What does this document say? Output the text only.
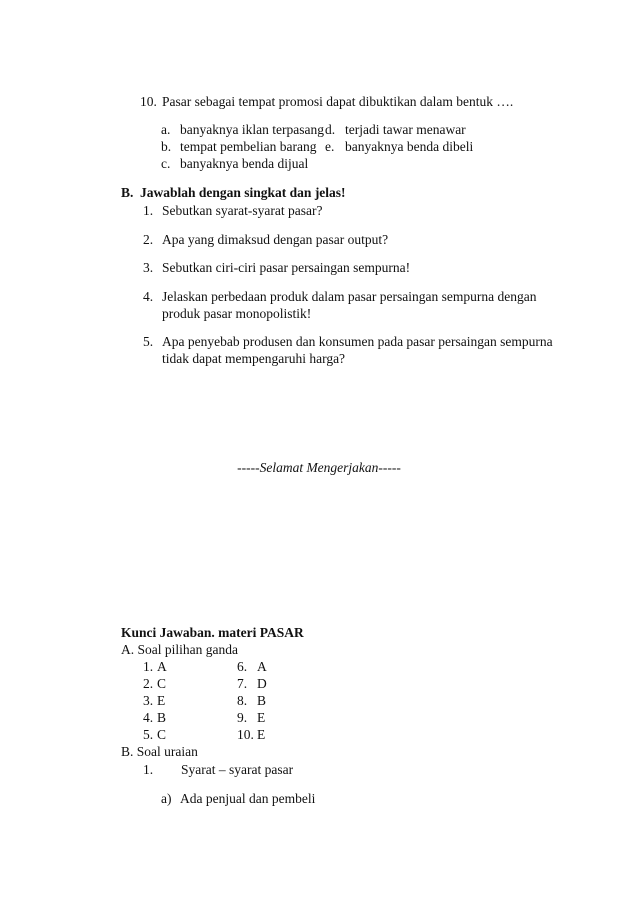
10. Pasar sebagai tempat promosi dapat dibuktikan dalam bentuk ….
a. banyaknya iklan terpasang d. terjadi tawar menawar
b. tempat pembelian barang e. banyaknya benda dibeli
c. banyaknya benda dijual
B. Jawablah dengan singkat dan jelas!
1. Sebutkan syarat-syarat pasar?
2. Apa yang dimaksud dengan pasar output?
3. Sebutkan ciri-ciri pasar persaingan sempurna!
4. Jelaskan perbedaan produk dalam pasar persaingan sempurna dengan
produk pasar monopolistik!
5. Apa penyebab produsen dan konsumen pada pasar persaingan sempurna
tidak dapat mempengaruhi harga?
-----Selamat Mengerjakan-----
Kunci Jawaban. materi PASAR
A. Soal pilihan ganda
1. A
2. C
3. E
4. B
5. C
6. A
7. D
8. B
9. E
10. E
B. Soal uraian
1. Syarat – syarat pasar
a) Ada penjual dan pembeli
